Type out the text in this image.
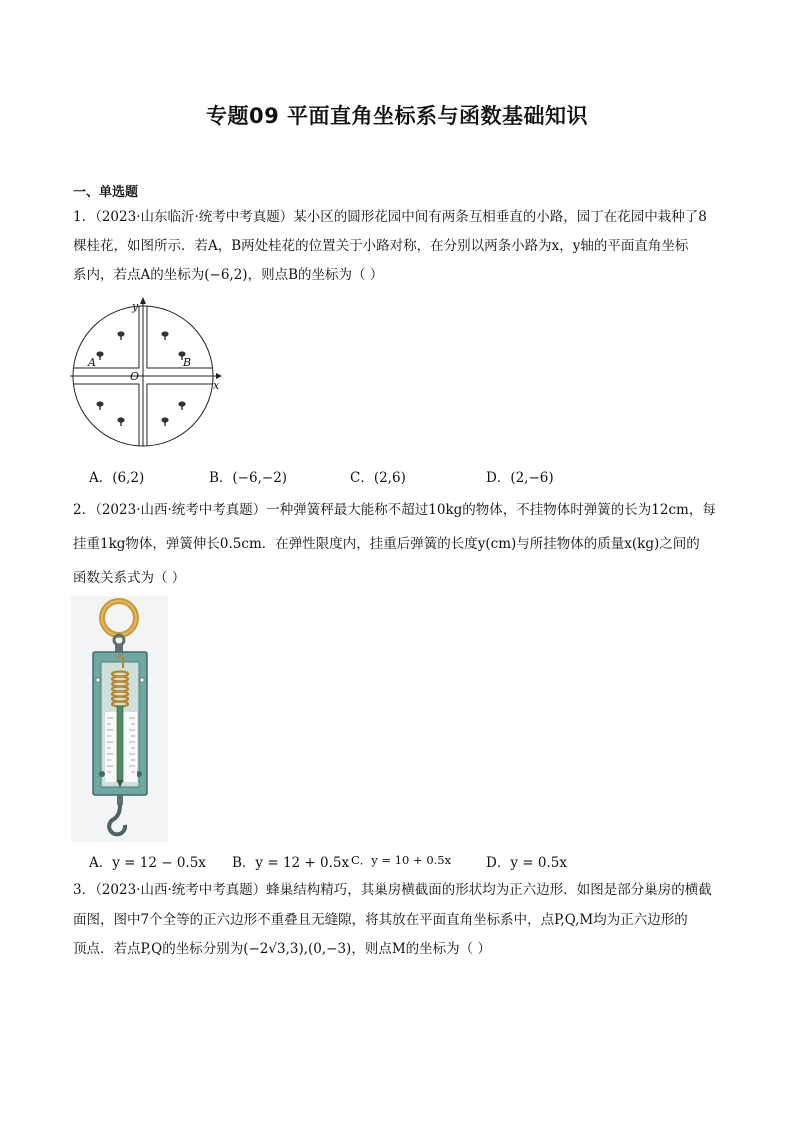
专题09 平面直角坐标系与函数基础知识
一、单选题
1．（2023·山东临沂·统考中考真题）某小区的圆形花园中间有两条互相垂直的小路，园丁在花园中栽种了8
棵桂花，如图所示．若A，B两处桂花的位置关于小路对称，在分别以两条小路为x，y轴的平面直角坐标
系内，若点A的坐标为(−6,2)，则点B的坐标为（ ）
y
x
O
A	B
A．(6,2)	B．(−6,−2)	C．(2,6)	D．(2,−6)
2．（2023·山西·统考中考真题）一种弹簧秤最大能称不超过10kg的物体，不挂物体时弹簧的长为12cm，每
挂重1kg物体，弹簧伸长0.5cm．在弹性限度内，挂重后弹簧的长度y(cm)与所挂物体的质量x(kg)之间的
函数关系式为（ ）
A．y = 12 − 0.5x B．y = 12 + 0.5x C．y = 10 + 0.5x	D．y = 0.5x
3．（2023·山西·统考中考真题）蜂巢结构精巧，其巢房横截面的形状均为正六边形．如图是部分巢房的横截
面图，图中7个全等的正六边形不重叠且无缝隙，将其放在平面直角坐标系中，点P,Q,M均为正六边形的
顶点．若点P,Q的坐标分别为(−2√3,3),(0,−3)，则点M的坐标为（ ）
